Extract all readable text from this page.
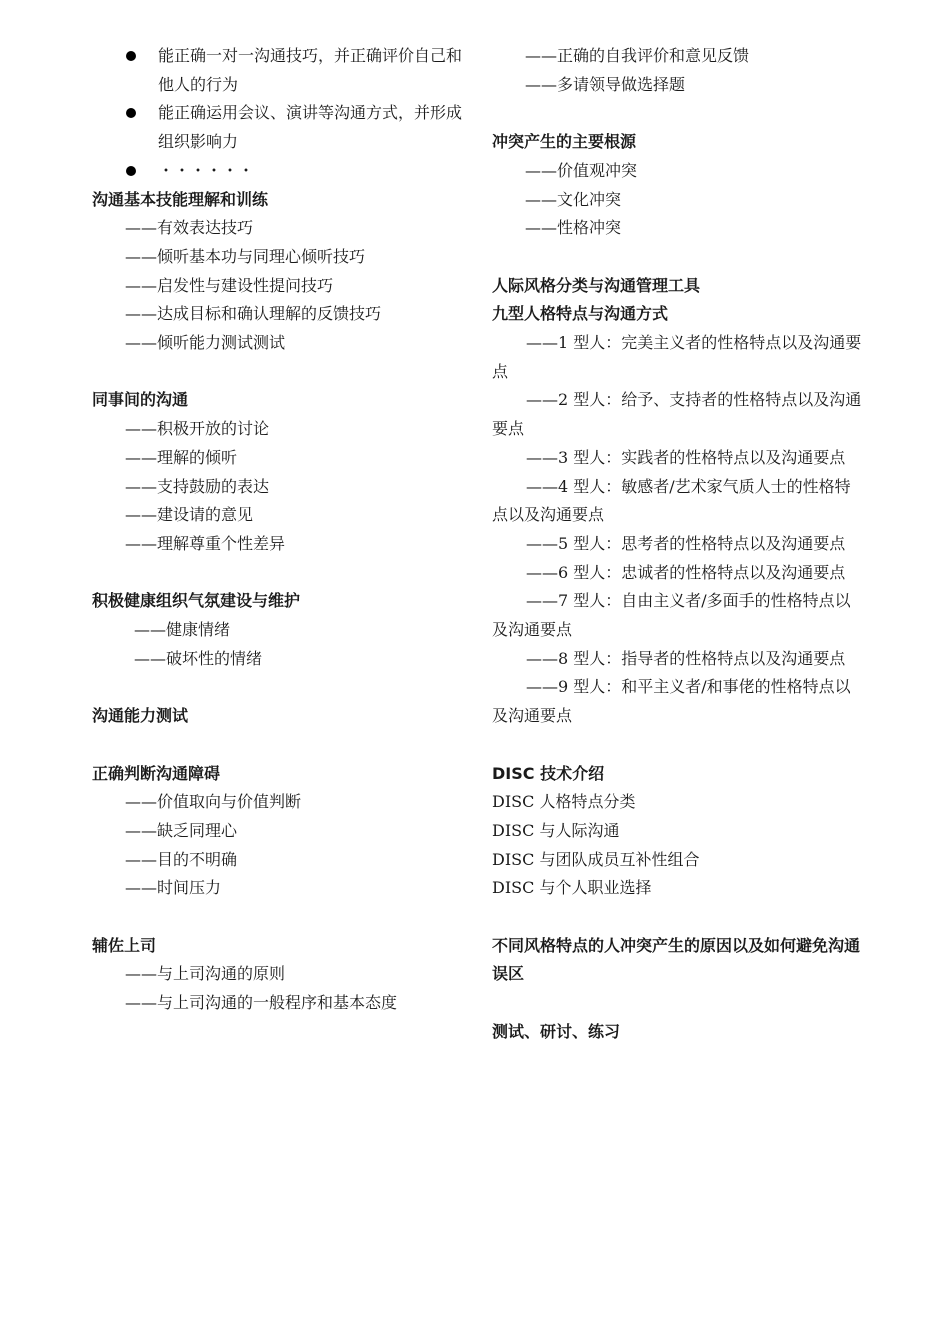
能正确一对一沟通技巧，并正确评价自己和他人的行为
能正确运用会议、演讲等沟通方式，并形成组织影响力
・・・・・・
沟通基本技能理解和训练
——有效表达技巧
——倾听基本功与同理心倾听技巧
——启发性与建设性提问技巧
——达成目标和确认理解的反馈技巧
——倾听能力测试测试
同事间的沟通
——积极开放的讨论
——理解的倾听
——支持鼓励的表达
——建设请的意见
——理解尊重个性差异
积极健康组织气氛建设与维护
——健康情绪
——破坏性的情绪
沟通能力测试
正确判断沟通障碍
——价值取向与价值判断
——缺乏同理心
——目的不明确
——时间压力
辅佐上司
——与上司沟通的原则
——与上司沟通的一般程序和基本态度
——正确的自我评价和意见反馈
——多请领导做选择题
冲突产生的主要根源
——价值观冲突
——文化冲突
——性格冲突
人际风格分类与沟通管理工具
九型人格特点与沟通方式
——1 型人：完美主义者的性格特点以及沟通要点
——2 型人：给予、支持者的性格特点以及沟通要点
——3 型人：实践者的性格特点以及沟通要点
——4 型人：敏感者/艺术家气质人士的性格特点以及沟通要点
——5 型人：思考者的性格特点以及沟通要点
——6 型人：忠诚者的性格特点以及沟通要点
——7 型人：自由主义者/多面手的性格特点以及沟通要点
——8 型人：指导者的性格特点以及沟通要点
——9 型人：和平主义者/和事佬的性格特点以及沟通要点
DISC 技术介绍
DISC 人格特点分类
DISC 与人际沟通
DISC 与团队成员互补性组合
DISC 与个人职业选择
不同风格特点的人冲突产生的原因以及如何避免沟通误区
测试、研讨、练习
